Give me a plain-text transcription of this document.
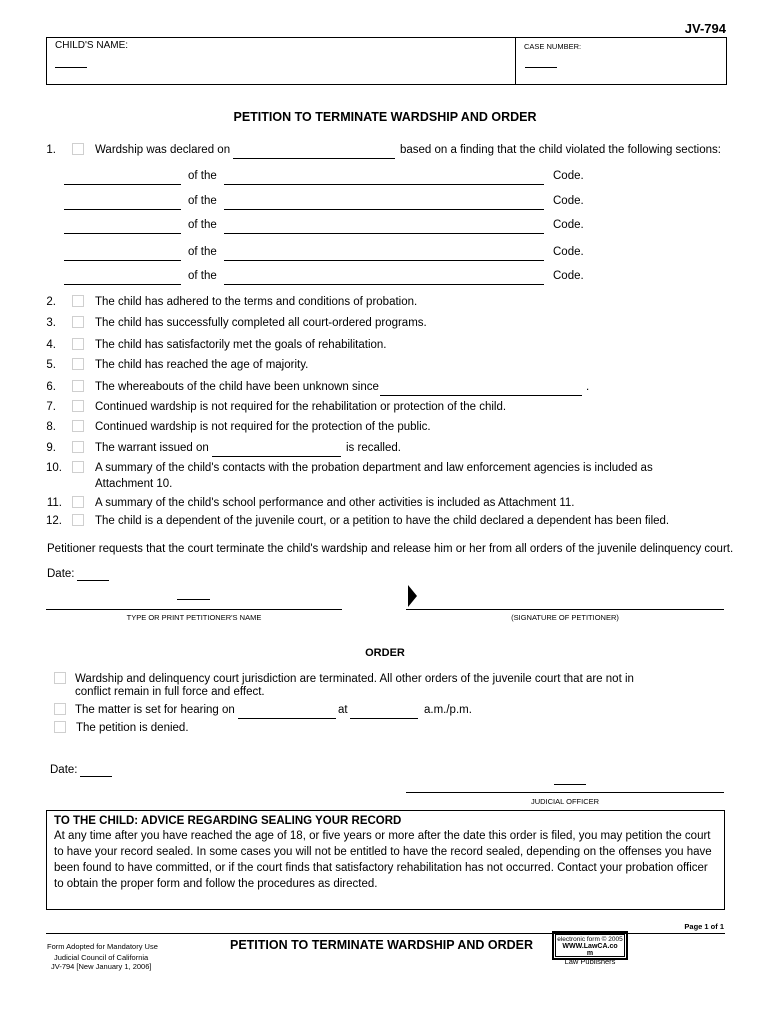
JV-794
CHILD'S NAME:	CASE NUMBER:
PETITION TO TERMINATE WARDSHIP AND ORDER
1.	Wardship was declared on	based on a finding that the child violated the following sections:
of the	Code.
of the	Code.
of the	Code.
of the	Code.
of the	Code.
2.	The child has adhered to the terms and conditions of probation.
3.	The child has successfully completed all court-ordered programs.
4.	The child has satisfactorily met the goals of rehabilitation.
5.	The child has reached the age of majority.
6.	The whereabouts of the child have been unknown since	.
7.	Continued wardship is not required for the rehabilitation or protection of the child.
8.	Continued wardship is not required for the protection of the public.
9.	The warrant issued on	is recalled.
10.	A summary of the child's contacts with the probation department and law enforcement agencies is included as
Attachment 10.
11.	A summary of the child's school performance and other activities is included as Attachment 11.
12.	The child is a dependent of the juvenile court, or a petition to have the child declared a dependent has been filed.
Petitioner requests that the court terminate the child's wardship and release him or her from all orders of the juvenile delinquency court.
Date:
TYPE OR PRINT PETITIONER'S NAME	(SIGNATURE OF PETITIONER)
ORDER
Wardship and delinquency court jurisdiction are terminated. All other orders of the juvenile court that are not in
conflict remain in full force and effect.
The matter is set for hearing on	at	a.m./p.m.
The petition is denied.
Date:
JUDICIAL OFFICER
TO THE CHILD: ADVICE REGARDING SEALING YOUR RECORD
At any time after you have reached the age of 18, or five years or more after the date this order is filed, you may petition the court
to have your record sealed. In some cases you will not be entitled to have the record sealed, depending on the offenses you have
been found to have committed, or if the court finds that satisfactory rehabilitation has not occurred. Contact your probation officer
to obtain the proper form and follow the procedures as directed.
Page 1 of 1
Form Adopted for Mandatory Use
Judicial Council of California
JV-794 [New January 1, 2006]
PETITION TO TERMINATE WARDSHIP AND ORDER	electronic form © 2005
WWW.LawCA.co
m
Law Publishers
